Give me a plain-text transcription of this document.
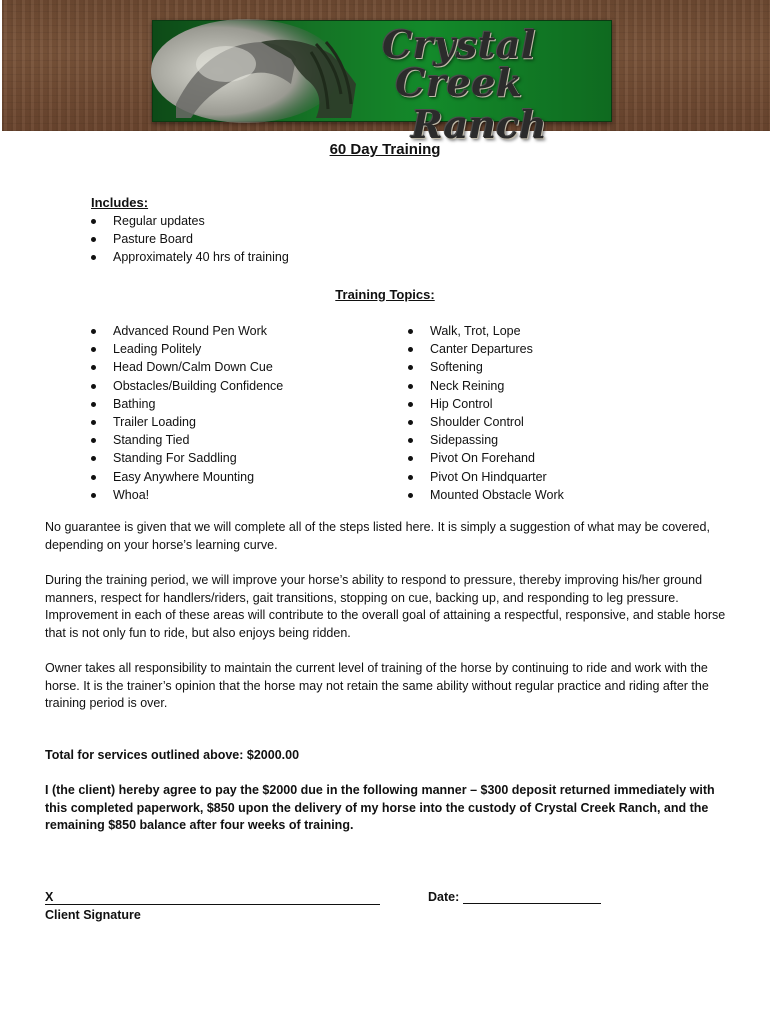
Crystal Creek
Ranch
60 Day Training
Includes:
Regular updates
Pasture Board
Approximately 40 hrs of training
Training Topics:
Advanced Round Pen Work
Leading Politely
Head Down/Calm Down Cue
Obstacles/Building Confidence
Bathing
Trailer Loading
Standing Tied
Standing For Saddling
Easy Anywhere Mounting
Whoa!
Walk, Trot, Lope
Canter Departures
Softening
Neck Reining
Hip Control
Shoulder Control
Sidepassing
Pivot On Forehand
Pivot On Hindquarter
Mounted Obstacle Work

No guarantee is given that we will complete all of the steps listed here. It is simply a suggestion of what may be covered, depending on your horse’s learning curve.

During the training period, we will improve your horse’s ability to respond to pressure, thereby improving his/her ground manners, respect for handlers/riders, gait transitions, stopping on cue, backing up, and responding to leg pressure. Improvement in each of these areas will contribute to the overall goal of attaining a respectful, responsive, and stable horse that is not only fun to ride, but also enjoys being ridden.

Owner takes all responsibility to maintain the current level of training of the horse by continuing to ride and work with the horse. It is the trainer’s opinion that the horse may not retain the same ability without regular practice and riding after the training period is over.

Total for services outlined above: $2000.00

I (the client) hereby agree to pay the $2000 due in the following manner – $300 deposit returned immediately with this completed paperwork, $850 upon the delivery of my horse into the custody of Crystal Creek Ranch, and the remaining $850 balance after four weeks of training.

X
Client Signature
Date:
